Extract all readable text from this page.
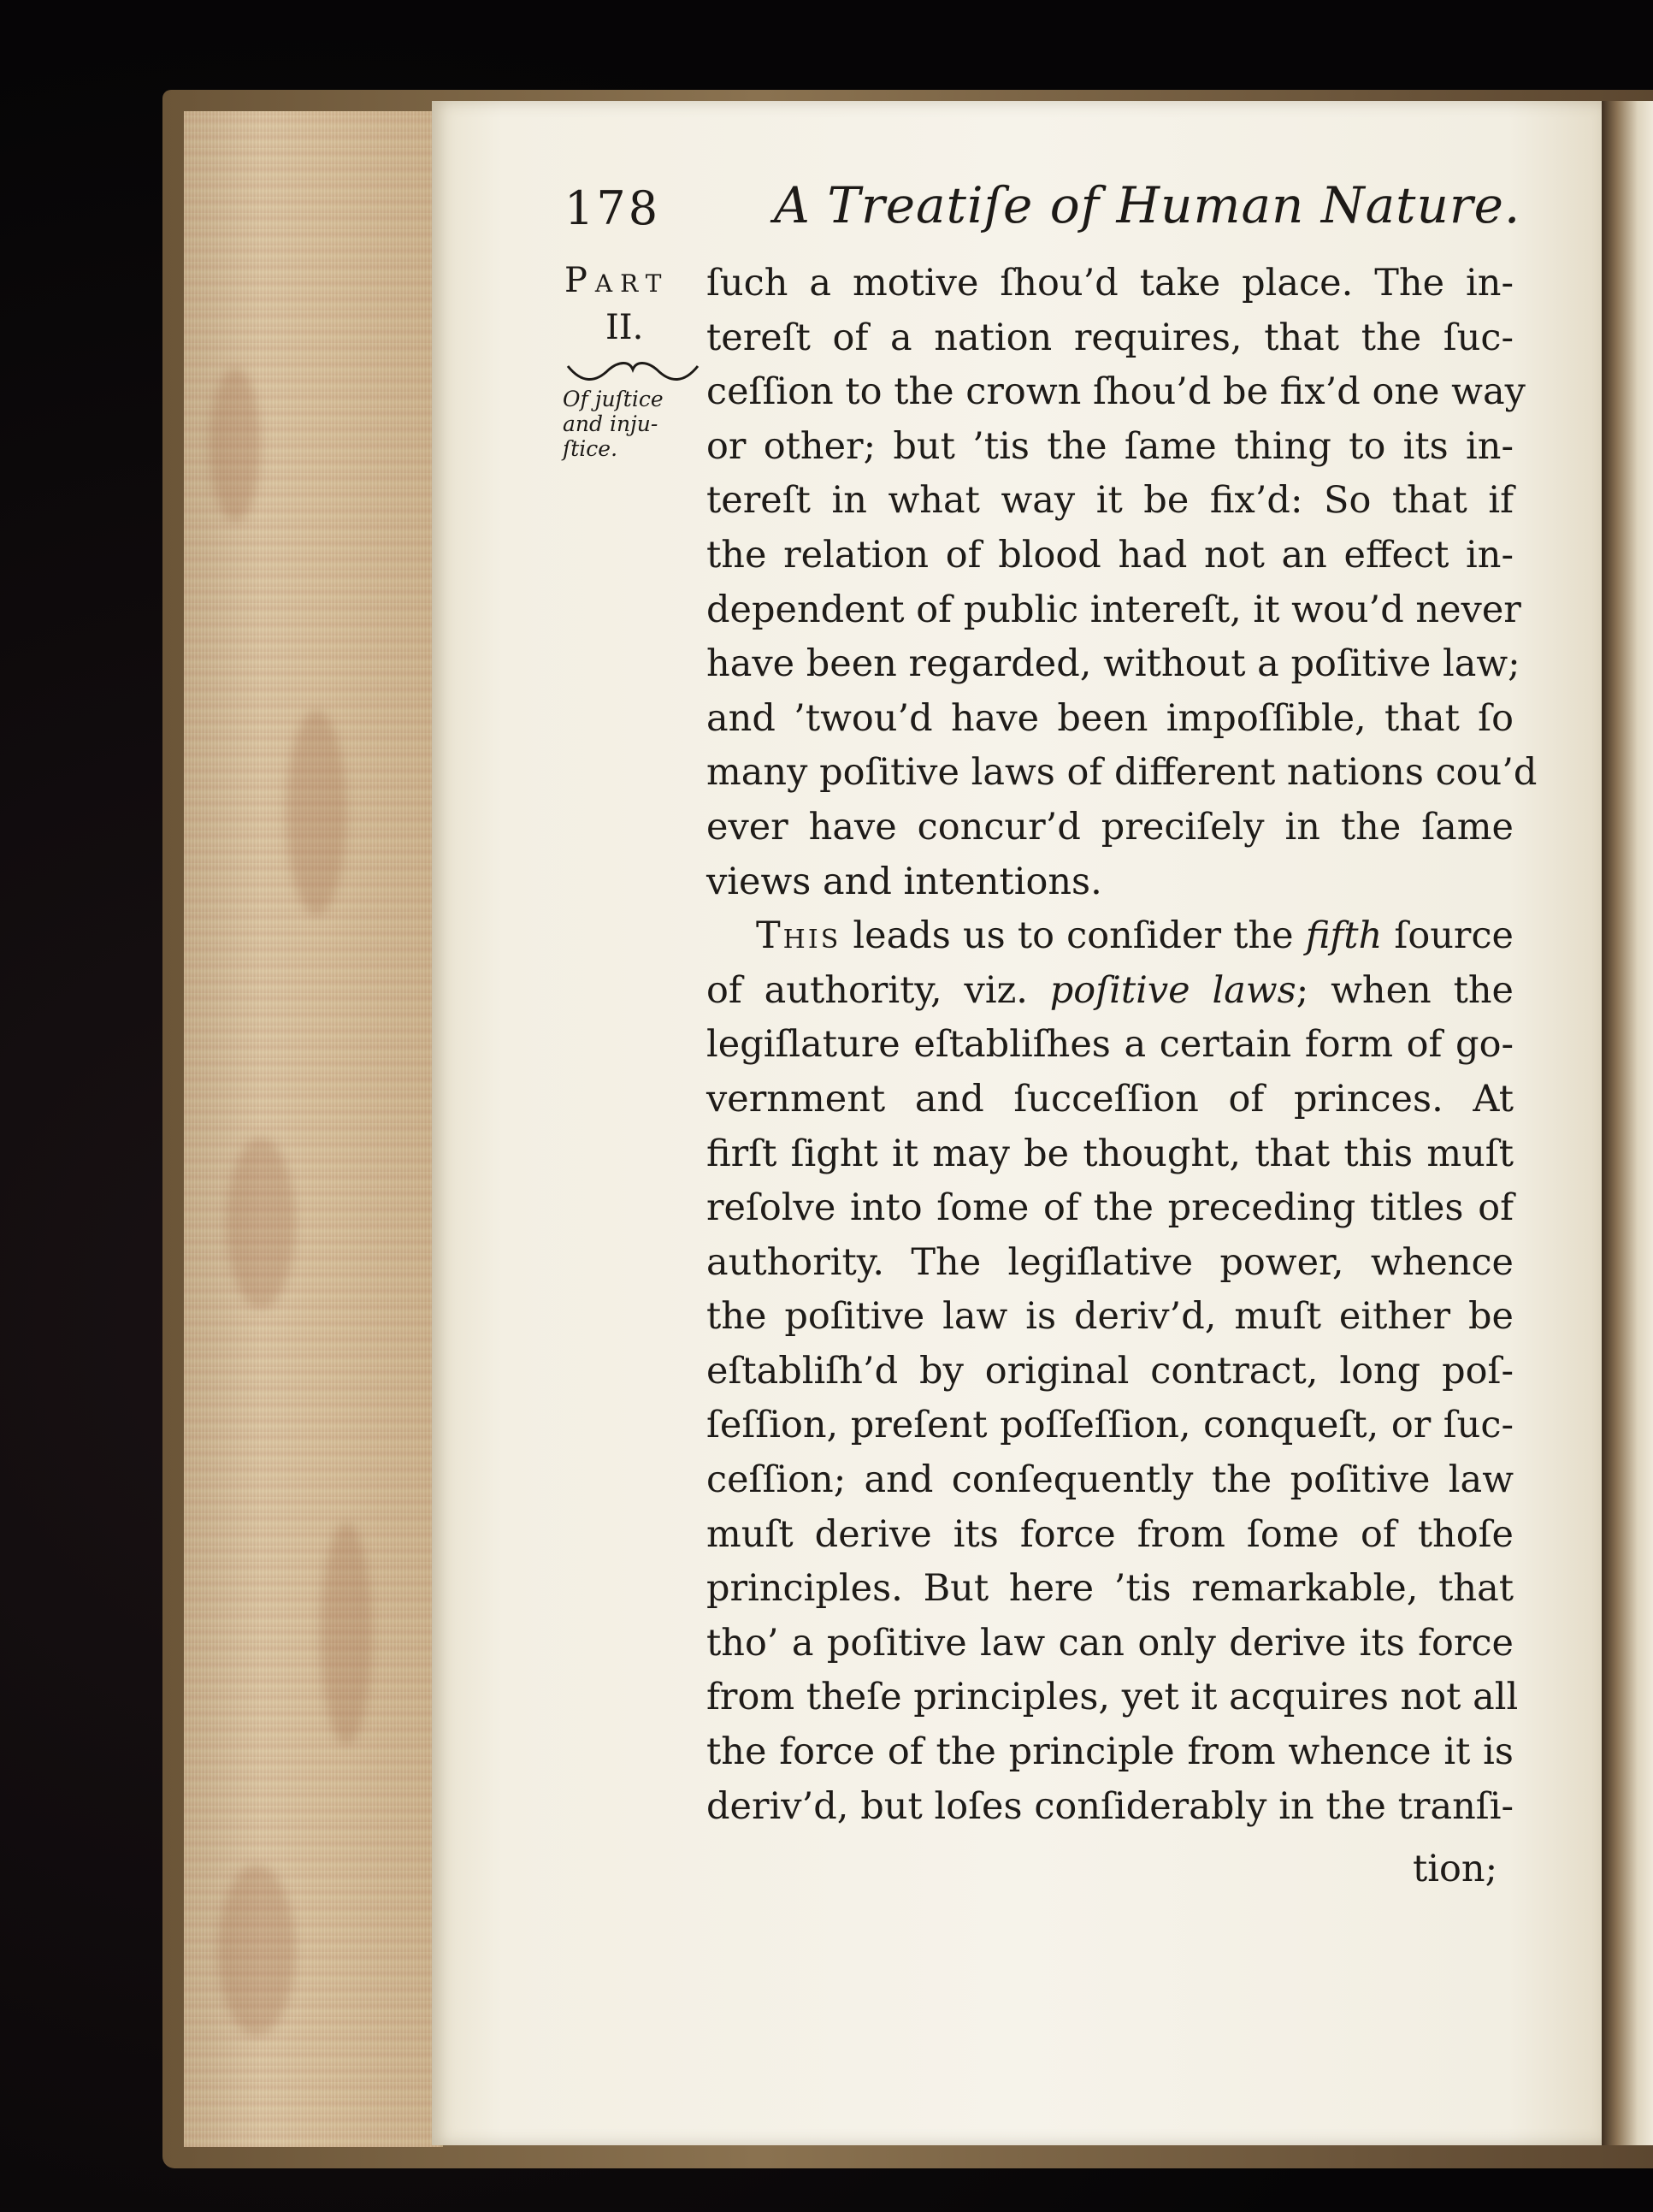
178 A Treatiſe of Human Nature.
Part
II.
Of juſtice
and inju-
ſtice.
ſuch a motive ſhou’d take place. The in-
tereſt of a nation requires, that the ſuc-
ceſſion to the crown ſhou’d be fix’d one way
or other; but ’tis the ſame thing to its in-
tereſt in what way it be fix’d: So that if
the relation of blood had not an effect in-
dependent of public intereſt, it wou’d never
have been regarded, without a poſitive law;
and ’twou’d have been impoſſible, that ſo
many poſitive laws of different nations cou’d
ever have concur’d preciſely in the ſame
views and intentions.
This leads us to conſider the fifth ſource
of authority, viz. poſitive laws; when the
legiſlature eſtabliſhes a certain form of go-
vernment and ſucceſſion of princes. At
firſt ſight it may be thought, that this muſt
reſolve into ſome of the preceding titles of
authority. The legiſlative power, whence
the poſitive law is deriv’d, muſt either be
eſtabliſh’d by original contract, long poſ-
ſeſſion, preſent poſſeſſion, conqueſt, or ſuc-
ceſſion; and conſequently the poſitive law
muſt derive its force from ſome of thoſe
principles. But here ’tis remarkable, that
tho’ a poſitive law can only derive its force
from theſe principles, yet it acquires not all
the force of the principle from whence it is
deriv’d, but loſes conſiderably in the tranſi-
tion;
